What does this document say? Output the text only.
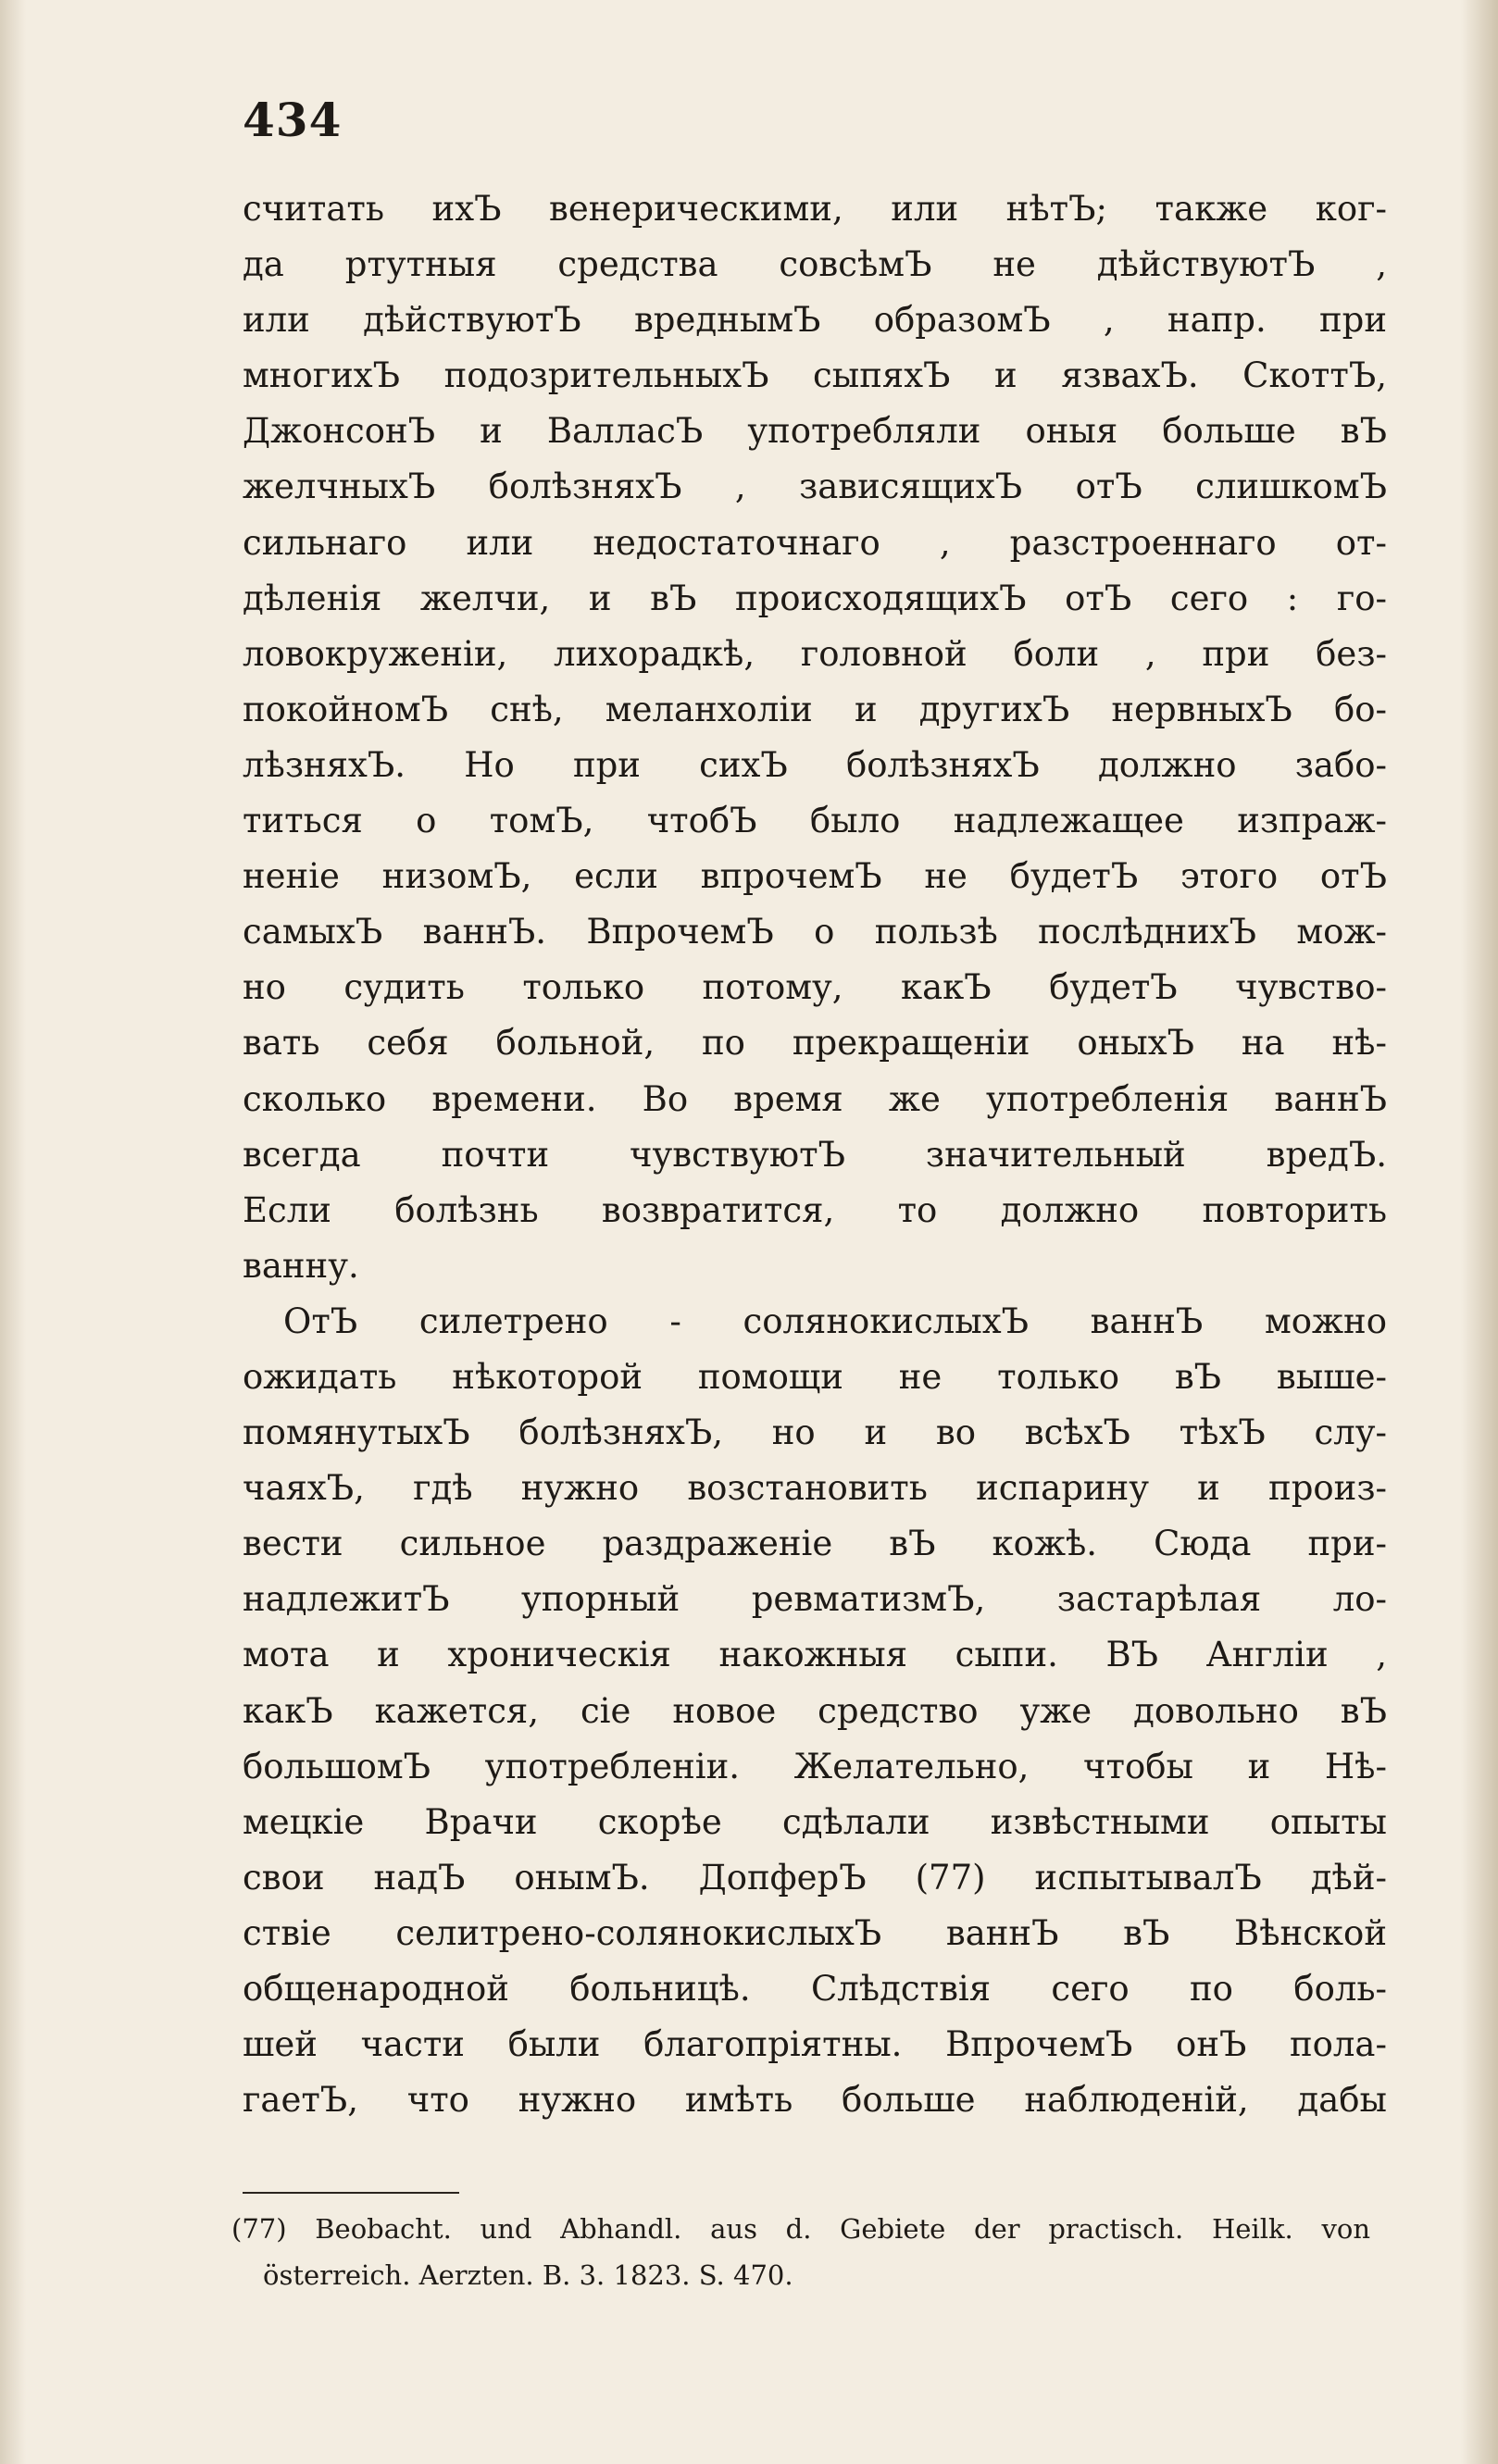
434
считать ихЪ венерическими, или нѣтЪ; также ког-
да ртутныя средства совсѣмЪ не дѣйствуютЪ ,
или дѣйствуютЪ вреднымЪ образомЪ , напр. при
многихЪ подозрительныхЪ сыпяхЪ и язвахЪ. СкоттЪ,
ДжонсонЪ и ВалласЪ употребляли оныя больше вЪ
желчныхЪ болѣзняхЪ , зависящихЪ отЪ слишкомЪ
сильнаго или недостаточнаго , разстроеннаго от-
дѣленія желчи, и вЪ происходящихЪ отЪ сего : го-
ловокруженіи, лихорадкѣ, головной боли , при без-
покойномЪ снѣ, меланхоліи и другихЪ нервныхЪ бо-
лѣзняхЪ. Но при сихЪ болѣзняхЪ должно забо-
титься о томЪ, чтобЪ было надлежащее изпраж-
неніе низомЪ, если впрочемЪ не будетЪ этого отЪ
самыхЪ ваннЪ. ВпрочемЪ о пользѣ послѣднихЪ мож-
но судить только потому, какЪ будетЪ чувство-
вать себя больной, по прекращеніи оныхЪ на нѣ-
сколько времени. Во время же употребленія ваннЪ
всегда почти чувствуютЪ значительный вредЪ.
Если болѣзнь возвратится, то должно повторить
ванну.
ОтЪ силетрено - солянокислыхЪ ваннЪ можно
ожидать нѣкоторой помощи не только вЪ выше-
помянутыхЪ болѣзняхЪ, но и во всѣхЪ тѣхЪ слу-
чаяхЪ, гдѣ нужно возстановить испарину и произ-
вести сильное раздраженіе вЪ кожѣ. Сюда при-
надлежитЪ упорный ревматизмЪ, застарѣлая ло-
мота и хроническія накожныя сыпи. ВЪ Англіи ,
какЪ кажется, сіе новое средство уже довольно вЪ
большомЪ употребленіи. Желательно, чтобы и Нѣ-
мецкіе Врачи скорѣе сдѣлали извѣстными опыты
свои надЪ онымЪ. ДопферЪ (77) испытывалЪ дѣй-
ствіе селитрено-солянокислыхЪ ваннЪ вЪ Вѣнской
общенародной больницѣ. Слѣдствія сего по боль-
шей части были благопріятны. ВпрочемЪ онЪ пола-
гаетЪ, что нужно имѣть больше наблюденій, дабы
(77) Beobacht. und Abhandl. aus d. Gebiete der practisch. Heilk. von
österreich. Aerzten. B. 3. 1823. S. 470.
